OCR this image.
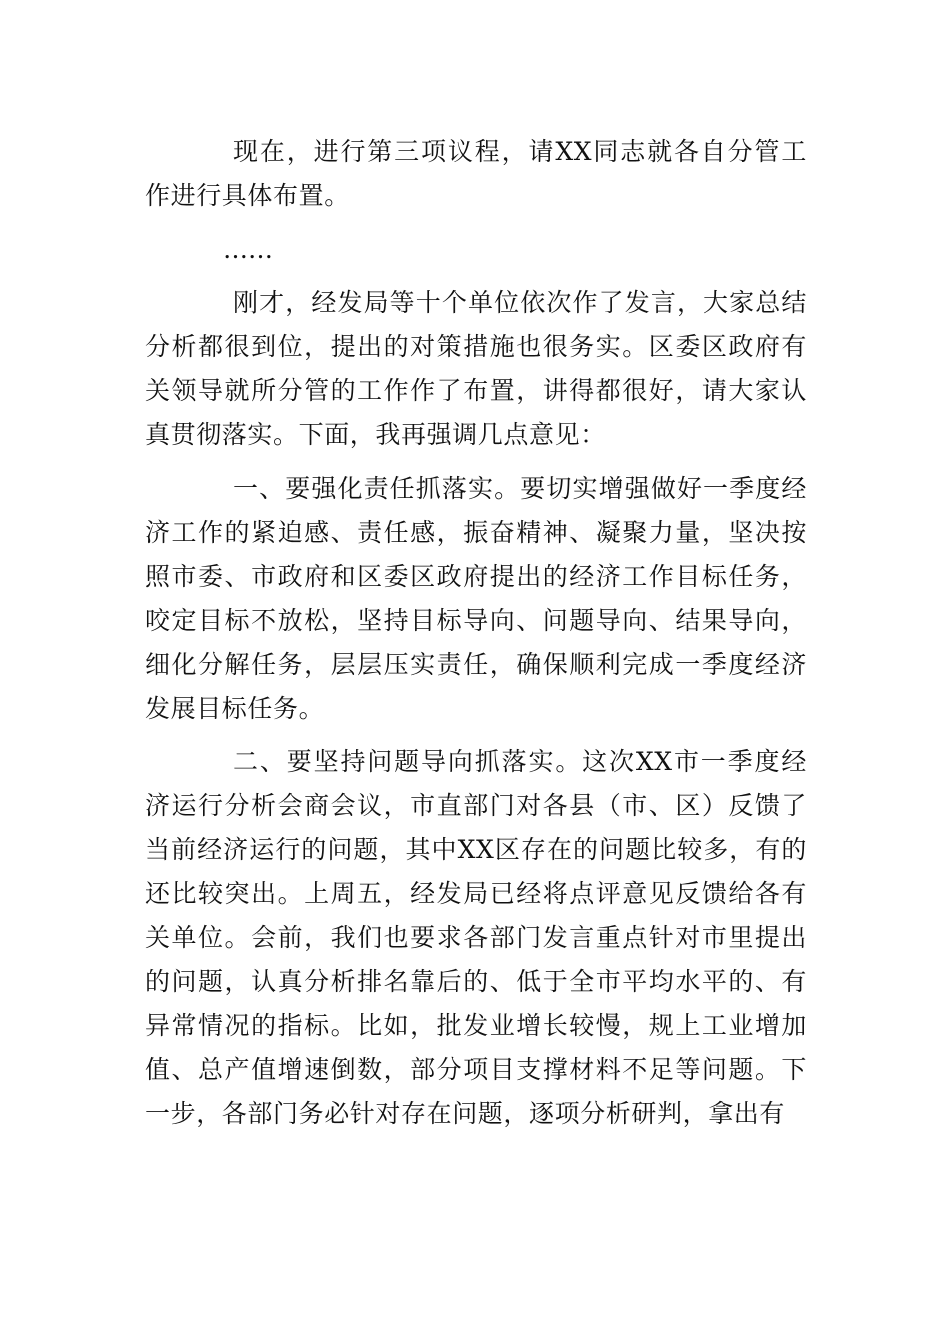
现在，进行第三项议程，请XX同志就各自分管工作进行具体布置。

……

刚才，经发局等十个单位依次作了发言，大家总结分析都很到位，提出的对策措施也很务实。区委区政府有关领导就所分管的工作作了布置，讲得都很好，请大家认真贯彻落实。下面，我再强调几点意见：

一、要强化责任抓落实。要切实增强做好一季度经济工作的紧迫感、责任感，振奋精神、凝聚力量，坚决按照市委、市政府和区委区政府提出的经济工作目标任务，咬定目标不放松，坚持目标导向、问题导向、结果导向，细化分解任务，层层压实责任，确保顺利完成一季度经济发展目标任务。

二、要坚持问题导向抓落实。这次XX市一季度经济运行分析会商会议，市直部门对各县（市、区）反馈了当前经济运行的问题，其中XX区存在的问题比较多，有的还比较突出。上周五，经发局已经将点评意见反馈给各有关单位。会前，我们也要求各部门发言重点针对市里提出的问题，认真分析排名靠后的、低于全市平均水平的、有异常情况的指标。比如，批发业增长较慢，规上工业增加值、总产值增速倒数，部分项目支撑材料不足等问题。下一步，各部门务必针对存在问题，逐项分析研判，拿出有
